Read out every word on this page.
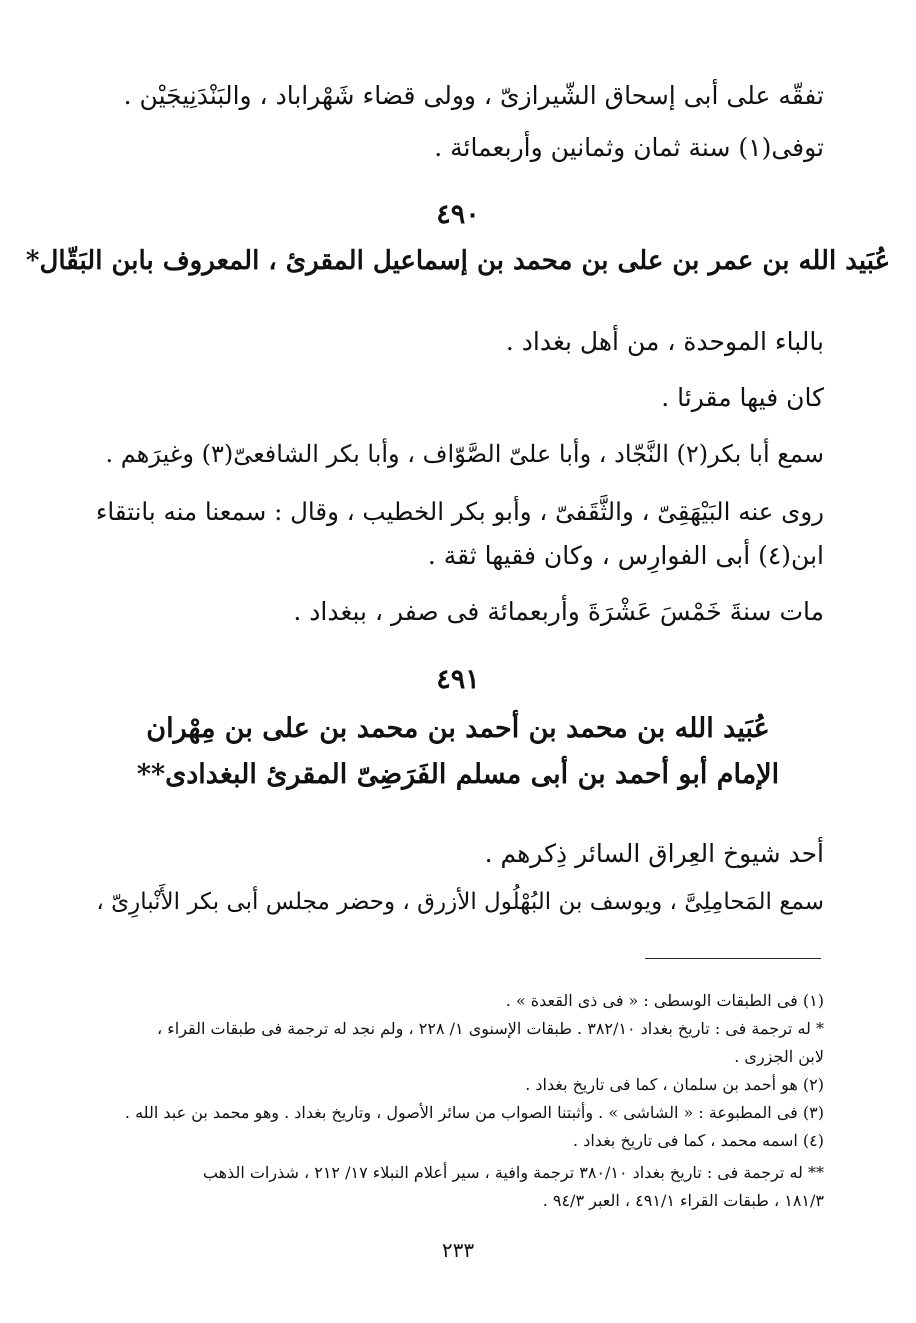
تفقّه على أبى إسحاق الشّيرازىّ ، وولى قضاء شَهْراباد ، والبَنْدَنِيجَيْن .
توفى(١) سنة ثمان وثمانين وأربعمائة .
٤٩٠
عُبَيد الله بن عمر بن على بن محمد بن إسماعيل المقرئ ، المعروف بابن البَقّال*
بالباء الموحدة ، من أهل بغداد .
كان فيها مقرئا .
سمع أبا بكر(٢) النَّجّاد ، وأبا علىّ الصَّوّاف ، وأبا بكر الشافعىّ(٣) وغيرَهم .
روى عنه البَيْهَقِىّ ، والثَّقَفىّ ، وأبو بكر الخطيب ، وقال : سمعنا منه بانتقاء
ابن(٤) أبى الفوارِس ، وكان فقيها ثقة .
مات سنةَ خَمْسَ عَشْرَةَ وأربعمائة فى صفر ، ببغداد .
٤٩١
عُبَيد الله بن محمد بن أحمد بن محمد بن على بن مِهْران
الإمام أبو أحمد بن أبى مسلم الفَرَضِىّ المقرئ البغدادى**
أحد شيوخ العِراق السائر ذِكرهم .
سمع المَحامِلِىَّ ، ويوسف بن البُهْلُول الأزرق ، وحضر مجلس أبى بكر الأَنْبارِىّ ،
(١) فى الطبقات الوسطى : « فى ذى القعدة » .
* له ترجمة فى : تاريخ بغداد ٣٨٢/١٠ . طبقات الإسنوى ١/ ٢٢٨ ، ولم نجد له ترجمة فى طبقات القراء ،
لابن الجزرى .
(٢) هو أحمد بن سلمان ، كما فى تاريخ بغداد .
(٣) فى المطبوعة : « الشاشى » . وأثبتنا الصواب من سائر الأصول ، وتاريخ بغداد . وهو محمد بن عبد الله .
(٤) اسمه محمد ، كما فى تاريخ بغداد .
** له ترجمة فى : تاريخ بغداد ٣٨٠/١٠ ترجمة وافية ، سير أعلام النبلاء ١٧/ ٢١٢ ، شذرات الذهب
١٨١/٣ ، طبقات القراء ٤٩١/١ ، العبر ٩٤/٣ .
٢٣٣
